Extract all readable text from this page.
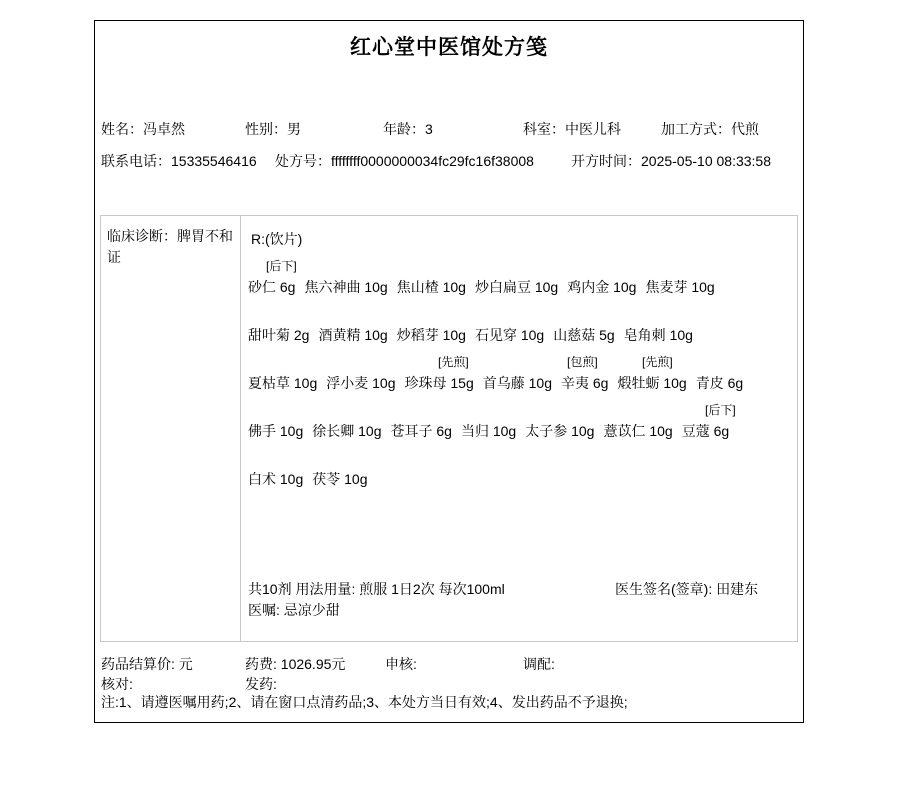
红心堂中医馆处方笺
姓名：冯卓然	性别：男	年龄：3	科室：中医儿科	加工方式：代煎
联系电话：15335546416 处方号：ffffffff0000000034fc29fc16f38008	开方时间：2025-05-10 08:33:58
临床诊断：脾胃不和证
R:(饮片)
[后下]
砂仁 6g 焦六神曲 10g 焦山楂 10g 炒白扁豆 10g 鸡内金 10g 焦麦芽 10g
甜叶菊 2g 酒黄精 10g 炒稻芽 10g 石见穿 10g 山慈菇 5g 皂角刺 10g
[先煎]	[包煎]	[先煎]
夏枯草 10g 浮小麦 10g 珍珠母 15g 首乌藤 10g 辛夷 6g 煅牡蛎 10g 青皮 6g
[后下]
佛手 10g 徐长卿 10g 苍耳子 6g 当归 10g 太子参 10g 薏苡仁 10g 豆蔻 6g
白术 10g 茯苓 10g
共10剂 用法用量: 煎服 1日2次 每次100ml	医生签名(签章): 田建东
医嘱: 忌凉少甜
药品结算价: 元	药费: 1026.95元	申核:	调配:
核对:	发药:
注:1、请遵医嘱用药;2、请在窗口点清药品;3、本处方当日有效;4、发出药品不予退换;
